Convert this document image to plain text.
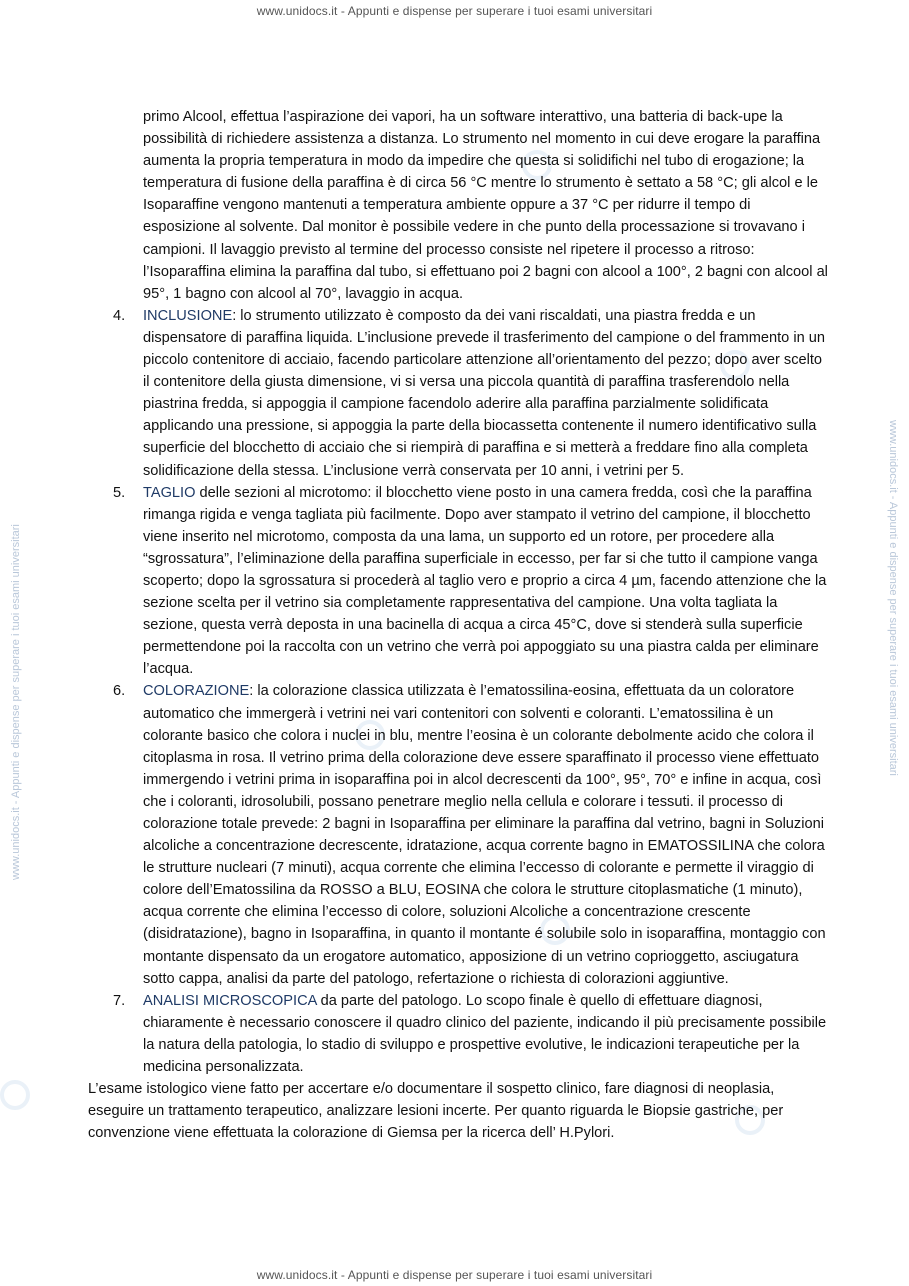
www.unidocs.it - Appunti e dispense per superare i tuoi esami universitari
www.unidocs.it - Appunti e dispense per superare i tuoi esami universitari	www.unidocs.it - Appunti e dispense per superare i tuoi esami universitari
primo Alcool, effettua l’aspirazione dei vapori, ha un software interattivo, una batteria di back-upe la possibilità di richiedere assistenza a distanza. Lo strumento nel momento in cui deve erogare la paraffina aumenta la propria temperatura in modo da impedire che questa si solidifichi nel tubo di erogazione; la temperatura di fusione della paraffina è di circa 56 °C mentre lo strumento è settato a 58 °C; gli alcol e le Isoparaffine vengono mantenuti a temperatura ambiente oppure a 37 °C per ridurre il tempo di esposizione al solvente. Dal monitor è possibile vedere in che punto della processazione si trovavano i campioni. Il lavaggio previsto al termine del processo consiste nel ripetere il processo a ritroso: l’Isoparaffina elimina la paraffina dal tubo, si effettuano poi 2 bagni con alcool a 100°, 2 bagni con alcool al 95°, 1 bagno con alcool al 70°, lavaggio in acqua.
4. INCLUSIONE: lo strumento utilizzato è composto da dei vani riscaldati, una piastra fredda e un dispensatore di paraffina liquida. L’inclusione prevede il trasferimento del campione o del frammento in un piccolo contenitore di acciaio, facendo particolare attenzione all’orientamento del pezzo; dopo aver scelto il contenitore della giusta dimensione, vi si versa una piccola quantità di paraffina trasferendolo nella piastrina fredda, si appoggia il campione facendolo aderire alla paraffina parzialmente solidificata applicando una pressione, si appoggia la parte della biocassetta contenente il numero identificativo sulla superficie del blocchetto di acciaio che si riempirà di paraffina e si metterà a freddare fino alla completa solidificazione della stessa. L’inclusione verrà conservata per 10 anni, i vetrini per 5.
5. TAGLIO delle sezioni al microtomo: il blocchetto viene posto in una camera fredda, così che la paraffina rimanga rigida e venga tagliata più facilmente. Dopo aver stampato il vetrino del campione, il blocchetto viene inserito nel microtomo, composta da una lama, un supporto ed un rotore, per procedere alla “sgrossatura”, l’eliminazione della paraffina superficiale in eccesso, per far si che tutto il campione vanga scoperto; dopo la sgrossatura si procederà al taglio vero e proprio a circa 4 µm, facendo attenzione che la sezione scelta per il vetrino sia completamente rappresentativa del campione. Una volta tagliata la sezione, questa verrà deposta in una bacinella di acqua a circa 45°C, dove si stenderà sulla superficie permettendone poi la raccolta con un vetrino che verrà poi appoggiato su una piastra calda per eliminare l’acqua.
6. COLORAZIONE: la colorazione classica utilizzata è l’ematossilina-eosina, effettuata da un coloratore automatico che immergerà i vetrini nei vari contenitori con solventi e coloranti. L’ematossilina è un colorante basico che colora i nuclei in blu, mentre l’eosina è un colorante debolmente acido che colora il citoplasma in rosa. Il vetrino prima della colorazione deve essere sparaffinato il processo viene effettuato immergendo i vetrini prima in isoparaffina poi in alcol decrescenti da 100°, 95°, 70° e infine in acqua, così che i coloranti, idrosolubili, possano penetrare meglio nella cellula e colorare i tessuti. il processo di colorazione totale prevede: 2 bagni in Isoparaffina per eliminare la paraffina dal vetrino, bagni in Soluzioni alcoliche a concentrazione decrescente, idratazione, acqua corrente bagno in EMATOSSILINA che colora le strutture nucleari (7 minuti), acqua corrente che elimina l’eccesso di colorante e permette il viraggio di colore dell’Ematossilina da ROSSO a BLU, EOSINA che colora le strutture citoplasmatiche (1 minuto), acqua corrente che elimina l’eccesso di colore, soluzioni Alcoliche a concentrazione crescente (disidratazione), bagno in Isoparaffina, in quanto il montante é solubile solo in isoparaffina, montaggio con montante dispensato da un erogatore automatico, apposizione di un vetrino coprioggetto, asciugatura sotto cappa, analisi da parte del patologo, refertazione o richiesta di colorazioni aggiuntive.
7. ANALISI MICROSCOPICA da parte del patologo. Lo scopo finale è quello di effettuare diagnosi, chiaramente è necessario conoscere il quadro clinico del paziente, indicando il più precisamente possibile la natura della patologia, lo stadio di sviluppo e prospettive evolutive, le indicazioni terapeutiche per la medicina personalizzata.
L’esame istologico viene fatto per accertare e/o documentare il sospetto clinico, fare diagnosi di neoplasia, eseguire un trattamento terapeutico, analizzare lesioni incerte. Per quanto riguarda le Biopsie gastriche, per convenzione viene effettuata la colorazione di Giemsa per la ricerca dell’ H.Pylori.
www.unidocs.it - Appunti e dispense per superare i tuoi esami universitari
